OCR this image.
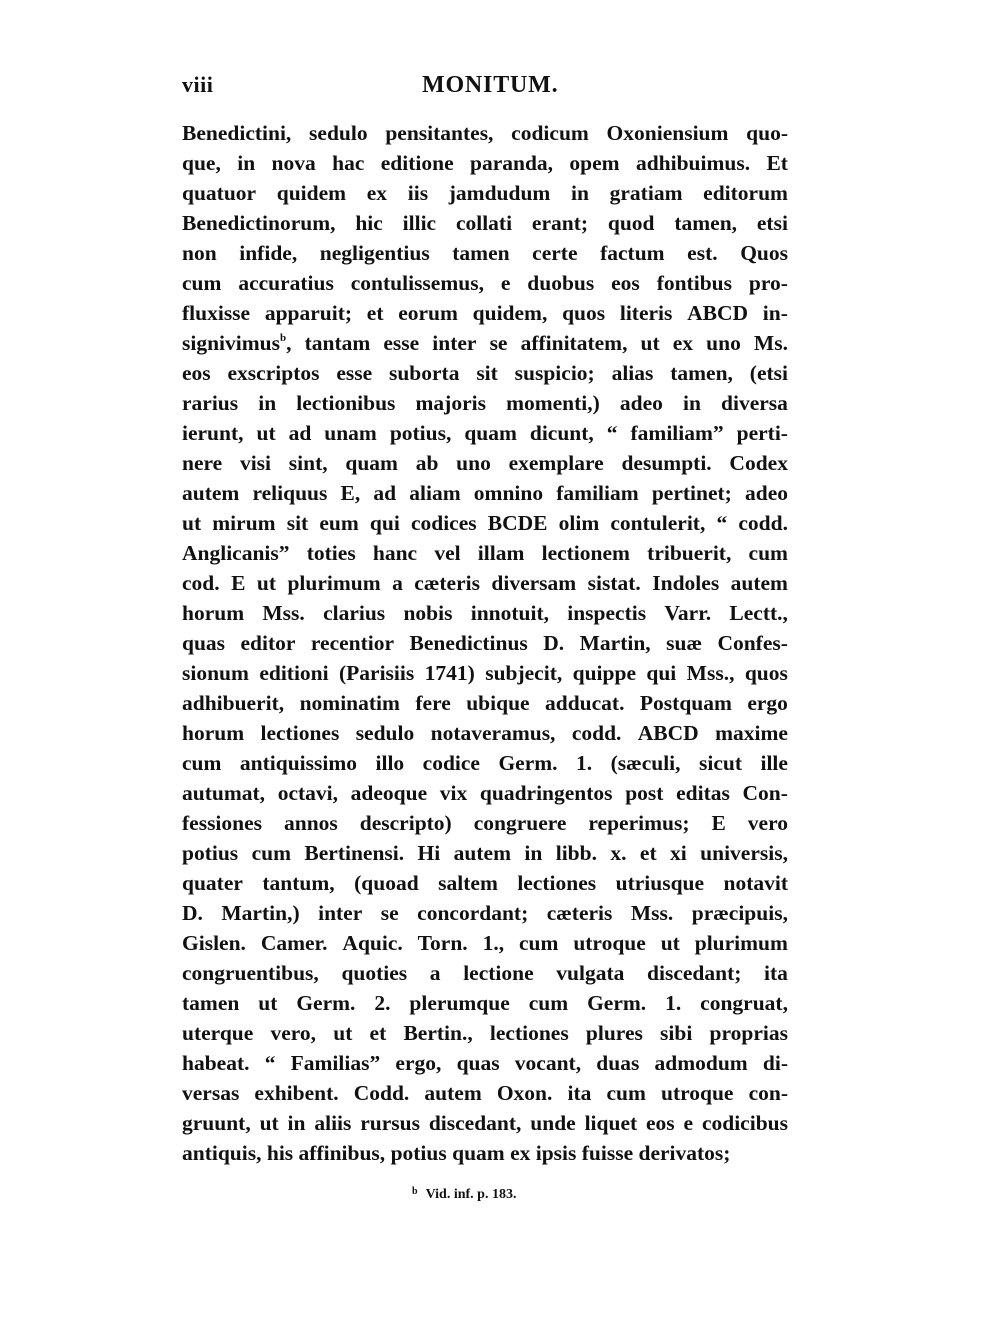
viii	MONITUM.
Benedictini, sedulo pensitantes, codicum Oxoniensium quo-
que, in nova hac editione paranda, opem adhibuimus. Et
quatuor quidem ex iis jamdudum in gratiam editorum
Benedictinorum, hic illic collati erant; quod tamen, etsi
non infide, negligentius tamen certe factum est. Quos
cum accuratius contulissemus, e duobus eos fontibus pro-
fluxisse apparuit; et eorum quidem, quos literis ABCD in-
signivimus$^b$, tantam esse inter se affinitatem, ut ex uno Ms.
eos exscriptos esse suborta sit suspicio; alias tamen, (etsi
rarius in lectionibus majoris momenti,) adeo in diversa
ierunt, ut ad unam potius, quam dicunt, “ familiam” perti-
nere visi sint, quam ab uno exemplare desumpti. Codex
autem reliquus E, ad aliam omnino familiam pertinet; adeo
ut mirum sit eum qui codices BCDE olim contulerit, “ codd.
Anglicanis” toties hanc vel illam lectionem tribuerit, cum
cod. E ut plurimum a cæteris diversam sistat. Indoles autem
horum Mss. clarius nobis innotuit, inspectis Varr. Lectt.,
quas editor recentior Benedictinus D. Martin, suæ Confes-
sionum editioni (Parisiis 1741) subjecit, quippe qui Mss., quos
adhibuerit, nominatim fere ubique adducat. Postquam ergo
horum lectiones sedulo notaveramus, codd. ABCD maxime
cum antiquissimo illo codice Germ. 1. (sæculi, sicut ille
autumat, octavi, adeoque vix quadringentos post editas Con-
fessiones annos descripto) congruere reperimus; E vero
potius cum Bertinensi. Hi autem in libb. x. et xi universis,
quater tantum, (quoad saltem lectiones utriusque notavit
D. Martin,) inter se concordant; cæteris Mss. præcipuis,
Gislen. Camer. Aquic. Torn. 1., cum utroque ut plurimum
congruentibus, quoties a lectione vulgata discedant; ita
tamen ut Germ. 2. plerumque cum Germ. 1. congruat,
uterque vero, ut et Bertin., lectiones plures sibi proprias
habeat. “ Familias” ergo, quas vocant, duas admodum di-
versas exhibent. Codd. autem Oxon. ita cum utroque con-
gruunt, ut in aliis rursus discedant, unde liquet eos e codicibus
antiquis,
his
affinibus,
potius
quam
ex
ipsis
fuisse
derivatos;
$^b$ Vid. inf. p. 183.
